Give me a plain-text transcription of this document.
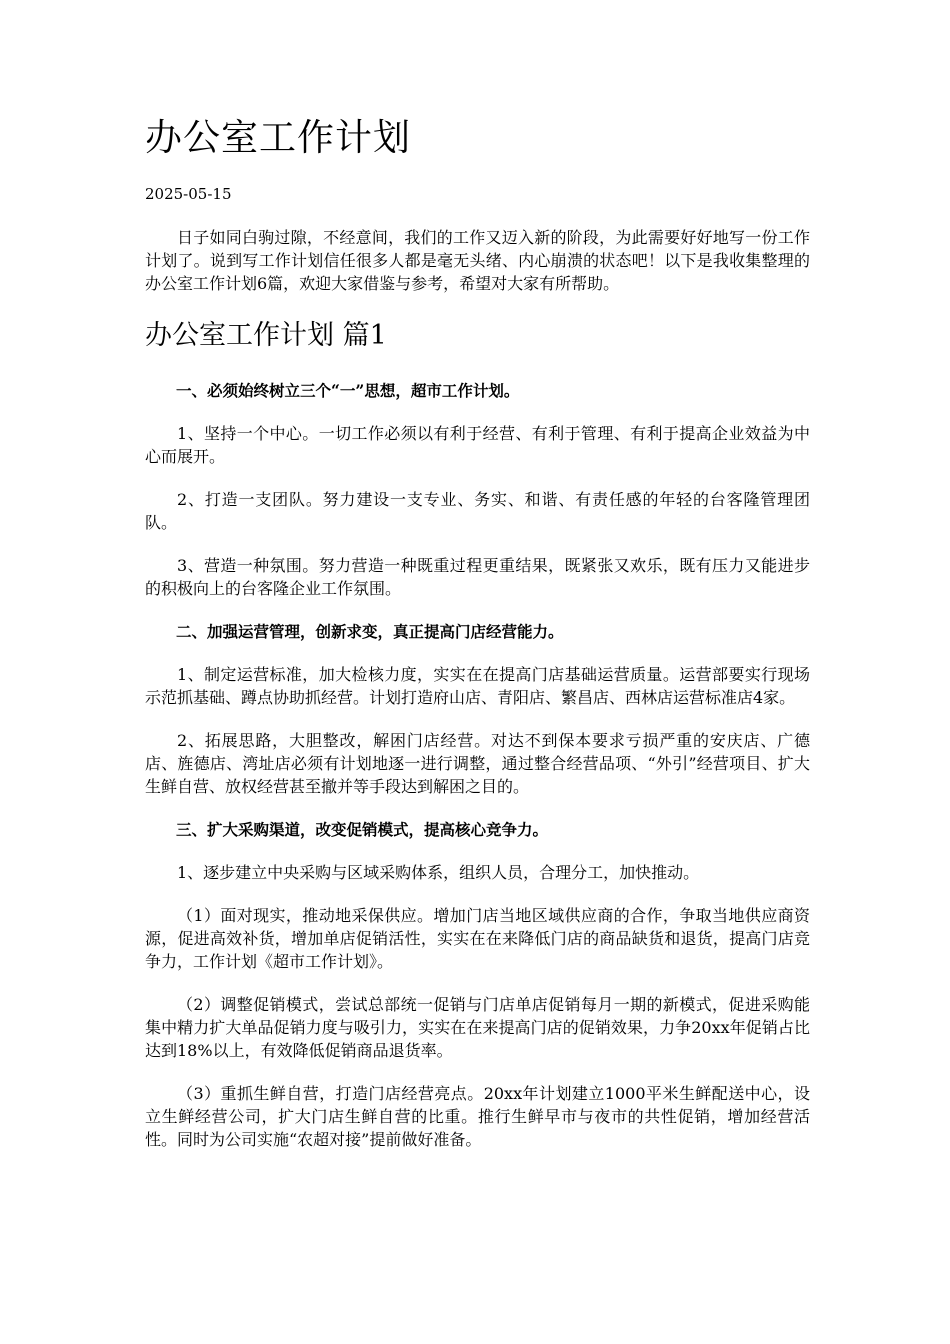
办公室工作计划
2025-05-15

日子如同白驹过隙，不经意间，我们的工作又迈入新的阶段，为此需要好好地写一份工作计划了。说到写工作计划信任很多人都是毫无头绪、内心崩溃的状态吧！以下是我收集整理的办公室工作计划6篇，欢迎大家借鉴与参考，希望对大家有所帮助。

办公室工作计划 篇1

一、必须始终树立三个“一”思想，超市工作计划。

1、坚持一个中心。一切工作必须以有利于经营、有利于管理、有利于提高企业效益为中心而展开。

2、打造一支团队。努力建设一支专业、务实、和谐、有责任感的年轻的台客隆管理团队。

3、营造一种氛围。努力营造一种既重过程更重结果，既紧张又欢乐，既有压力又能进步的积极向上的台客隆企业工作氛围。

二、加强运营管理，创新求变，真正提高门店经营能力。

1、制定运营标准，加大检核力度，实实在在提高门店基础运营质量。运营部要实行现场示范抓基础、蹲点协助抓经营。计划打造府山店、青阳店、繁昌店、西林店运营标准店4家。

2、拓展思路，大胆整改，解困门店经营。对达不到保本要求亏损严重的安庆店、广德店、旌德店、湾址店必须有计划地逐一进行调整，通过整合经营品项、“外引”经营项目、扩大生鲜自营、放权经营甚至撤并等手段达到解困之目的。

三、扩大采购渠道，改变促销模式，提高核心竞争力。

1、逐步建立中央采购与区域采购体系，组织人员，合理分工，加快推动。

（1）面对现实，推动地采保供应。增加门店当地区域供应商的合作，争取当地供应商资源，促进高效补货，增加单店促销活性，实实在在来降低门店的商品缺货和退货，提高门店竞争力，工作计划《超市工作计划》。

（2）调整促销模式，尝试总部统一促销与门店单店促销每月一期的新模式，促进采购能集中精力扩大单品促销力度与吸引力，实实在在来提高门店的促销效果，力争20xx年促销占比达到18%以上，有效降低促销商品退货率。

（3）重抓生鲜自营，打造门店经营亮点。20xx年计划建立1000平米生鲜配送中心，设立生鲜经营公司，扩大门店生鲜自营的比重。推行生鲜早市与夜市的共性促销，增加经营活性。同时为公司实施“农超对接”提前做好准备。
